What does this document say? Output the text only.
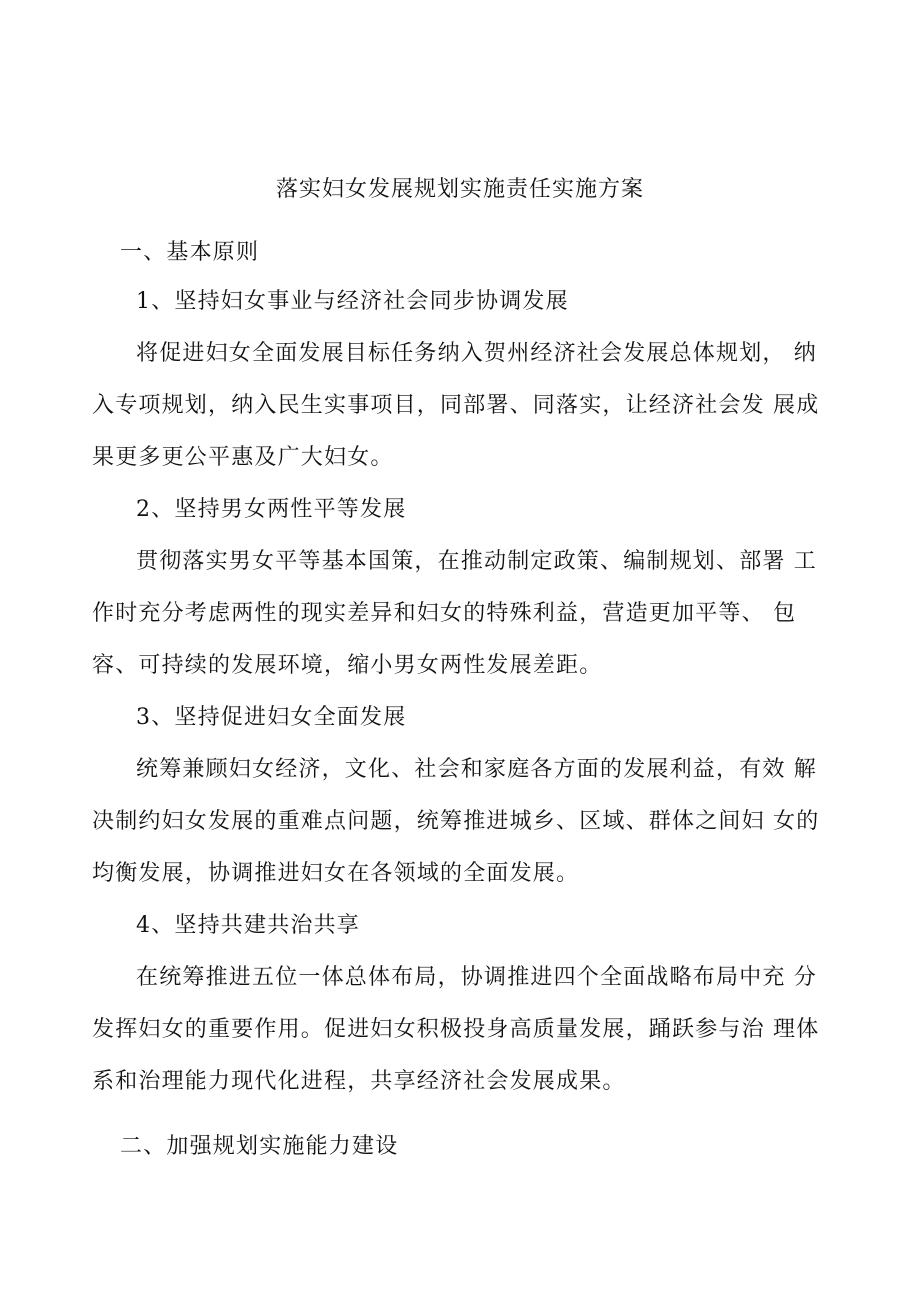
落实妇女发展规划实施责任实施方案
一、基本原则
1、坚持妇女事业与经济社会同步协调发展
将促进妇女全面发展目标任务纳入贺州经济社会发展总体规划， 纳
入专项规划，纳入民生实事项目，同部署、同落实，让经济社会发 展成
果更多更公平惠及广大妇女。
2、坚持男女两性平等发展
贯彻落实男女平等基本国策，在推动制定政策、编制规划、部署 工
作时充分考虑两性的现实差异和妇女的特殊利益，营造更加平等、 包
容、可持续的发展环境，缩小男女两性发展差距。
3、坚持促进妇女全面发展
统筹兼顾妇女经济，文化、社会和家庭各方面的发展利益，有效 解
决制约妇女发展的重难点问题，统筹推进城乡、区域、群体之间妇 女的
均衡发展，协调推进妇女在各领域的全面发展。
4、坚持共建共治共享
在统筹推进五位一体总体布局，协调推进四个全面战略布局中充 分
发挥妇女的重要作用。促进妇女积极投身高质量发展，踊跃参与治 理体
系和治理能力现代化进程，共享经济社会发展成果。
二、加强规划实施能力建设
